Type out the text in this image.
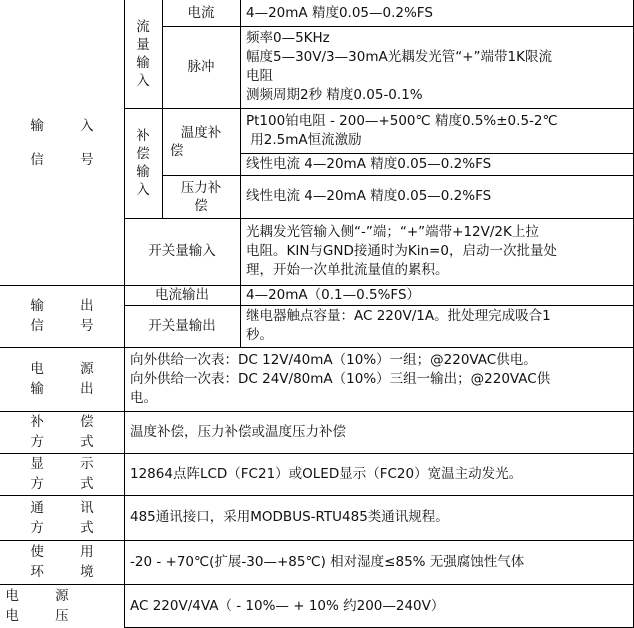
输 入
信 号
流
量
输
入
电流	4—20mA 精度0.05—0.2%FS
脉冲
频率0—5KHz
幅度5—30V/3—30mA光耦发光管“+”端带1K限流
电阻
测频周期2秒 精度0.05-0.1%
补
偿
输
入
温度补
偿
Pt100铂电阻 - 200—+500℃ 精度0.5%±0.5-2℃
用2.5mA恒流激励
线性电流 4—20mA 精度0.05—0.2%FS
压力补
偿
线性电流 4—20mA 精度0.05—0.2%FS
开关量输入
光耦发光管输入侧“-”端；“+”端带+12V/2K上拉
电阻。KIN与GND接通时为Kin=0，启动一次批量处
理，开始一次单批流量值的累积。
输 出
信 号
电流输出	4—20mA（0.1—0.5%FS）
开关量输出
继电器触点容量：AC 220V/1A。批处理完成吸合1
秒。
电 源
输 出
向外供给一次表：DC 12V/40mA（10%）一组；@220VAC供电。
向外供给一次表：DC 24V/80mA（10%）三组一输出；@220VAC供
电。
补 偿
方 式
温度补偿，压力补偿或温度压力补偿
显 示
方 式
12864点阵LCD（FC21）或OLED显示（FC20）宽温主动发光。
通 讯
方 式
485通讯接口，采用MODBUS-RTU485类通讯规程。
使 用
环 境
-20 - +70℃(扩展-30—+85℃) 相对湿度≤85% 无强腐蚀性气体
电 源
电 压
AC 220V/4VA（ - 10%— + 10% 约200—240V）
